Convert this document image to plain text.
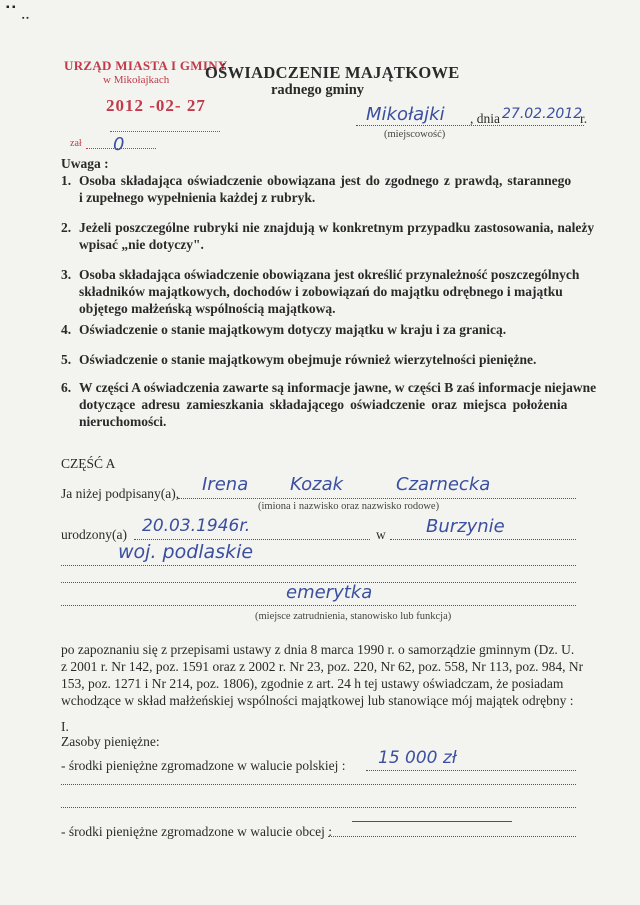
▪ ▪
▪ ▪
URZĄD MIASTA I GMINY
w Mikołajkach
2012 -02- 27
zał 0
OŚWIADCZENIE MAJĄTKOWE
radnego gminy
Mikołajki , dnia 27.02.2012
r.
(miejscowość)
Uwaga :
1. Osoba składająca oświadczenie obowiązana jest do zgodnego z prawdą, starannego
i zupełnego wypełnienia każdej z rubryk.
2. Jeżeli poszczególne rubryki nie znajdują w konkretnym przypadku zastosowania, należy
wpisać „nie dotyczy".
3. Osoba składająca oświadczenie obowiązana jest określić przynależność poszczególnych
składników majątkowych, dochodów i zobowiązań do majątku odrębnego i majątku
objętego małżeńską wspólnością majątkową.
4. Oświadczenie o stanie majątkowym dotyczy majątku w kraju i za granicą.
5. Oświadczenie o stanie majątkowym obejmuje również wierzytelności pieniężne.
6. W części A oświadczenia zawarte są informacje jawne, w części B zaś informacje niejawne
dotyczące adresu zamieszkania składającego oświadczenie oraz miejsca położenia
nieruchomości.
CZĘŚĆ A
Ja niżej podpisany(a), Irena Kozak	Czarnecka
(imiona i nazwisko oraz nazwisko rodowe)
urodzony(a) 20.03.1946r.	w Burzynie
woj. podlaskie
emerytka
(miejsce zatrudnienia, stanowisko lub funkcja)
po zapoznaniu się z przepisami ustawy z dnia 8 marca 1990 r. o samorządzie gminnym (Dz. U.
z 2001 r. Nr 142, poz. 1591 oraz z 2002 r. Nr 23, poz. 220, Nr 62, poz. 558, Nr 113, poz. 984, Nr
153, poz. 1271 i Nr 214, poz. 1806), zgodnie z art. 24 h tej ustawy oświadczam, że posiadam
wchodzące w skład małżeńskiej wspólności majątkowej lub stanowiące mój majątek odrębny :
I.
Zasoby pieniężne:
- środki pieniężne zgromadzone w walucie polskiej : 15 000 zł
- środki pieniężne zgromadzone w walucie obcej :
